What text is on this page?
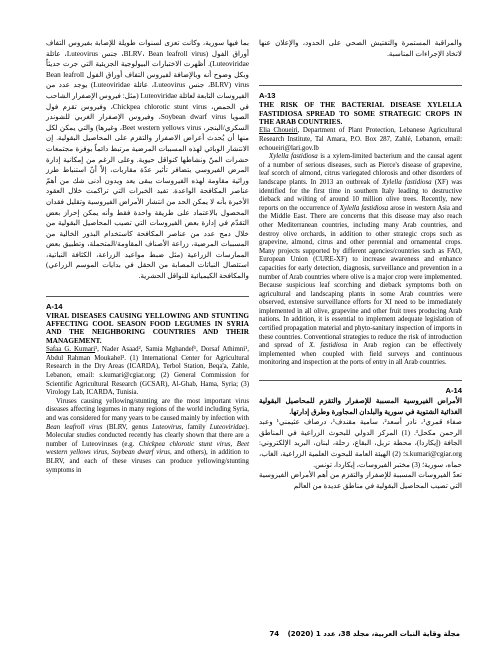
بما فيها سورية، وكانت تعزى لسنوات طويلة للإصابة بفيروس التفاف أوراق الفول (BLRV، Bean leafroll virus، جنس Luteovirus، عائلة Luteoviridae). أظهرت الاختبارات البيولوجية الجزيئية التي جرت حديثاً وبكل وضوح أنه وبالإضافة لفيروس التفاف أوراق الفول Bean leafroll virus (BLRV، جنس Luteovirus، عائلة Luteoviridae) يوجد عدد من الفيروسات التابعة لعائلة Luteoviridae (مثل: فيروس الإصفرار الشاحب في الحمص، Chickpea chlorotic stunt virus، وفيروس تقزم فول الصويا Soybean dwarf virus، وفيروس الإصفرار الغربي للشوندر السكري/البنجر، Beet western yellows virus، وغيرها) والتي يمكن لكل منها أن يُحدث أعراض الاصفرار والتقزم على المحاصيل البقولية. إن الانتشار الوبائي لهذه المسببات المرضية مرتبط دائماً بوفرة مجتمعات حشرات المنّ ونشاطها كنواقل حيوية. وعلى الرغم من إمكانية إدارة المرض الفيروسي بتضافر تأثير عدّة مقاربات، إلاّ أنّ استنباط طرز وراثية مقاومة لهذه الفيروسات يبقى يعد ويدون أدنى شك من أهمّ عناصر المكافحة الواعدة. تفيد الخبرات التي تراكمت خلال العقود الأخيرة بأنه لا يمكن الحد من انتشار الأمراض الفيروسية وتقليل فقدان المحصول بالاعتماد على طريقة واحدة فقط وأنه يمكن إحراز بعض التقدّم في إدارة بعض الفيروسات التي تصيب المحاصيل البقولية من خلال دمج عدد من عناصر المكافحة كاستخدام البذور الخالية من المسببات المرضية، زراعة الأصناف المقاومة/المتحملة، وتطبيق بعض الممارسات الزراعية (مثل ضبط مواعيد الزراعة، الكثافة النباتية، استئصال النباتات المصابة من الحقل في بدايات الموسم الزراعي) والمكافحة الكيميائية للنواقل الحشرية.

A-14
VIRAL DISEASES CAUSING YELLOWING AND STUNTING AFFECTING COOL SEASON FOOD LEGUMES IN SYRIA AND THE NEIGHBORING COUNTRIES AND THEIR MANAGEMENT.

Safaa G. Kumari¹, Nader Asaad², Samia Mghandef¹, Dorsaf Athimni¹, Abdul Rahman Moukahel³. (1) International Center for Agricultural Research in the Dry Areas (ICARDA), Terbol Station, Beqa'a, Zahle, Lebanon, email: s.kumari@cgiar.org; (2) General Commission for Scientific Agricultural Research (GCSAR), Al-Ghab, Hama, Syria; (3) Virology Lab, ICARDA, Tunisia.

Viruses causing yellowing/stunting are the most important virus diseases affecting legumes in many regions of the world including Syria, and was considered for many years to be caused mainly by infection with Bean leafroll virus (BLRV, genus Luteovirus, family Luteoviridae). Molecular studies conducted recently has clearly shown that there are a number of Luteoviruses (e.g. Chickpea chlorotic stunt virus, Beet western yellows virus, Soybean dwarf virus, and others), in addition to BLRV, and each of these viruses can produce yellowing/stunting symptoms in

والمراقبة المستمرة والتفتيش الصحي على الحدود، والإعلان عنها لاتخاذ الإجراءات المناسبة.

A-13
THE RISK OF THE BACTERIAL DISEASE XYLELLA FASTIDIOSA SPREAD TO SOME STRATEGIC CROPS IN THE ARAB COUNTRIES.

Elia Choueiri, Department of Plant Protection, Lebanese Agricultural Research Institute, Tal Amara, P.O. Box 287, Zahlé, Lebanon, email: echoueiri@lari.gov.lb

Xylella fastidiosa is a xylem-limited bacterium and the causal agent of a number of serious diseases, such as Pierce's disease of grapevine, leaf scorch of almond, citrus variegated chlorosis and other disorders of landscape plants. In 2013 an outbreak of Xylella fastidiosa (XF) was identified for the first time in southern Italy leading to destructive dieback and wilting of around 10 million olive trees. Recently, new reports on the occurrence of Xylella fastidiosa arose in western Asia and the Middle East. There are concerns that this disease may also reach other Mediterranean countries, including many Arab countries, and destroy olive orchards, in addition to other strategic crops such as grapevine, almond, citrus and other perennial and ornamental crops. Many projects supported by different agencies/countries such as FAO, European Union (CURE-XF) to increase awareness and enhance capacities for early detection, diagnosis, surveillance and prevention in a number of Arab countries where olive is a major crop were implemented. Because suspicious leaf scorching and dieback symptoms both on agricultural and landscaping plants in some Arab countries were observed, extensive surveillance efforts for XI need to be immediately implemented in all olive, grapevine and other fruit trees producing Arab nations. In addition, it is essential to implement adequate legislation of certified propagation material and phyto-sanitary inspection of imports in these countries. Conventional strategies to reduce the risk of introduction and spread of X. fastidiosa in Arab region can be effectively implemented when coupled with field surveys and continuous monitoring and inspection at the ports of entry in all Arab countries.

A-14

الأمراض الفيروسية المسببة للإصفرار والتقزم للمحاصيل البقولية الغذائية الشتوية في سورية والبلدان المجاورة وطرق إدارتها.

صفاء قمري¹، نادر أسعد²، سامية مقندف¹، درصاف عثيمني¹ وعبد الرحمن مكحل³. (1) المركز الدولي للبحوث الزراعية في المناطق الجافة (إيكاردا)، محطة تربل، البقاع، زحلة، لبنان، البريد الإلكتروني: s.kumari@cgiar.org؛ (2) الهيئة العامة للبحوث العلمية الزراعية، الغاب، حماه، سورية؛ (3) مختبر الفيروسات، إيكاردا، تونس.

تعدّ الفيروسات المسببة للإصفرار والتقزم من أهم الأمراض الفيروسية التي تصيب المحاصيل البقولية في مناطق عديدة من العالم

مجلة وقاية النبات العربية، مجلد 38، عدد 1 (2020) 74
